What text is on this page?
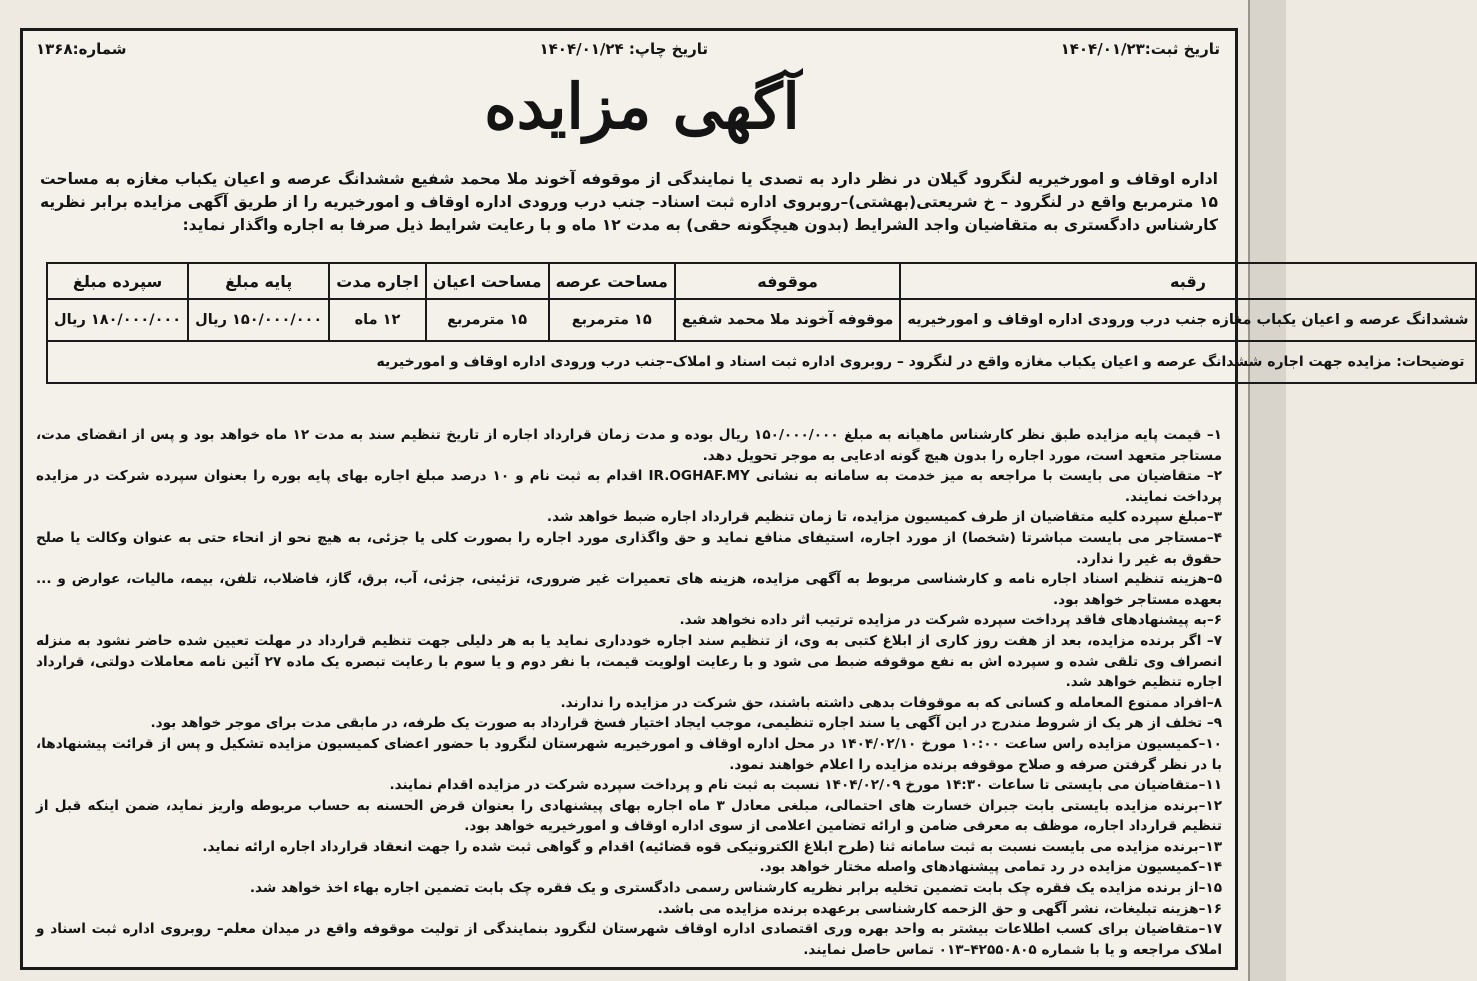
تاریخ ثبت:۱۴۰۴/۰۱/۲۳
تاریخ چاپ: ۱۴۰۴/۰۱/۲۴
شماره:۱۳۶۸
آگهی مزایده
اداره اوقاف و امورخیریه لنگرود گیلان در نظر دارد به تصدی یا نمایندگی از موقوفه آخوند ملا محمد شفیع ششدانگ عرصه و اعیان یکباب مغازه به مساحت ۱۵ مترمربع واقع در لنگرود – خ شریعتی(بهشتی)–روبروی اداره ثبت اسناد– جنب درب ورودی اداره اوقاف و امورخیریه را از طریق آگهی مزایده برابر نظریه کارشناس دادگستری به متقاضیان واجد الشرایط (بدون هیچگونه حقی) به مدت ۱۲ ماه و با رعایت شرایط ذیل صرفا به اجاره واگذار نماید:
رقبه	موقوفه	مساحت عرصه	مساحت اعیان	اجاره مدت	پایه مبلغ	سپرده مبلغ
ششدانگ عرصه و اعیان یکباب مغازه جنب درب ورودی اداره اوقاف و امورخیریه	موقوفه آخوند ملا محمد شفیع	۱۵ مترمربع	۱۵ مترمربع	۱۲ ماه	۱۵۰/۰۰۰/۰۰۰ ریال	۱۸۰/۰۰۰/۰۰۰ ریال
توضیحات: مزایده جهت اجاره ششدانگ عرصه و اعیان یکباب مغازه واقع در لنگرود – روبروی اداره ثبت اسناد و املاک–جنب درب ورودی اداره اوقاف و امورخیریه						

۱– قیمت پایه مزایده طبق نظر کارشناس ماهیانه به مبلغ ۱۵۰/۰۰۰/۰۰۰ ریال بوده و مدت زمان قرارداد اجاره از تاریخ تنظیم سند به مدت ۱۲ ماه خواهد بود و پس از انقضای مدت، مستاجر متعهد است، مورد اجاره را بدون هیچ گونه ادعایی به موجر تحویل دهد.

۲– متقاضیان می بایست با مراجعه به میز خدمت به سامانه به نشانی IR.OGHAF.MY اقدام به ثبت نام و ۱۰ درصد مبلغ اجاره بهای پایه بوره را بعنوان سپرده شرکت در مزایده پرداخت نمایند.

۳–مبلغ سپرده کلیه متقاضیان از طرف کمیسیون مزایده، تا زمان تنظیم قرارداد اجاره ضبط خواهد شد.

۴–مستاجر می بایست مباشرتا (شخصا) از مورد اجاره، استیفای منافع نماید و حق واگذاری مورد اجاره را بصورت کلی یا جزئی، به هیچ نحو از انحاء حتی به عنوان وکالت یا صلح حقوق به غیر را ندارد.

۵–هزینه تنظیم اسناد اجاره نامه و کارشناسی مربوط به آگهی مزایده، هزینه های تعمیرات غیر ضروری، تزئینی، جزئی، آب، برق، گاز، فاضلاب، تلفن، بیمه، مالیات، عوارض و ... بعهده مستاجر خواهد بود.

۶–به پیشنهادهای فاقد پرداخت سپرده شرکت در مزایده ترتیب اثر داده نخواهد شد.

۷– اگر برنده مزایده، بعد از هفت روز کاری از ابلاغ کتبی به وی، از تنظیم سند اجاره خودداری نماید یا به هر دلیلی جهت تنظیم قرارداد در مهلت تعیین شده حاضر نشود به منزله انصراف وی تلقی شده و سپرده اش به نفع موقوفه ضبط می شود و با رعایت اولویت قیمت، با نفر دوم و یا سوم با رعایت تبصره یک ماده ۲۷ آئین نامه معاملات دولتی، قرارداد اجاره تنظیم خواهد شد.

۸–افراد ممنوع المعامله و کسانی که به موقوفات بدهی داشته باشند، حق شرکت در مزایده را ندارند.

۹– تخلف از هر یک از شروط مندرج در این آگهی یا سند اجاره تنظیمی، موجب ایجاد اختیار فسخ قرارداد به صورت یک طرفه، در مابقی مدت برای موجر خواهد بود.

۱۰–کمیسیون مزایده راس ساعت ۱۰:۰۰ مورخ ۱۴۰۴/۰۲/۱۰ در محل اداره اوقاف و امورخیریه شهرستان لنگرود با حضور اعضای کمیسیون مزایده تشکیل و پس از قرائت پیشنهادها، با در نظر گرفتن صرفه و صلاح موقوفه برنده مزایده را اعلام خواهند نمود.

۱۱–متقاضیان می بایستی تا ساعات ۱۴:۳۰ مورخ ۱۴۰۴/۰۲/۰۹ نسبت به ثبت نام و پرداخت سپرده شرکت در مزایده اقدام نمایند.

۱۲–برنده مزایده بایستی بابت جبران خسارت های احتمالی، مبلغی معادل ۳ ماه اجاره بهای پیشنهادی را بعنوان قرض الحسنه به حساب مربوطه واریز نماید، ضمن اینکه قبل از تنظیم قرارداد اجاره، موظف به معرفی ضامن و ارائه تضامین اعلامی از سوی اداره اوقاف و امورخیریه خواهد بود.

۱۳–برنده مزایده می بایست نسبت به ثبت سامانه ثنا (طرح ابلاغ الکترونیکی قوه قضائیه) اقدام و گواهی ثبت شده را جهت انعقاد قرارداد اجاره ارائه نماید.

۱۴–کمیسیون مزایده در رد تمامی پیشنهادهای واصله مختار خواهد بود.

۱۵–از برنده مزایده یک فقره چک بابت تضمین تخلیه برابر نظریه کارشناس رسمی دادگستری و یک فقره چک بابت تضمین اجاره بهاء اخذ خواهد شد.

۱۶–هزینه تبلیغات، نشر آگهی و حق الزحمه کارشناسی برعهده برنده مزایده می باشد.

۱۷–متقاضیان برای کسب اطلاعات بیشتر به واحد بهره وری اقتصادی اداره اوقاف شهرستان لنگرود بنمایندگی از تولیت موقوفه واقع در میدان معلم– روبروی اداره ثبت اسناد و املاک مراجعه و یا با شماره ۴۲۵۵۰۸۰۵–۰۱۳ تماس حاصل نمایند.
